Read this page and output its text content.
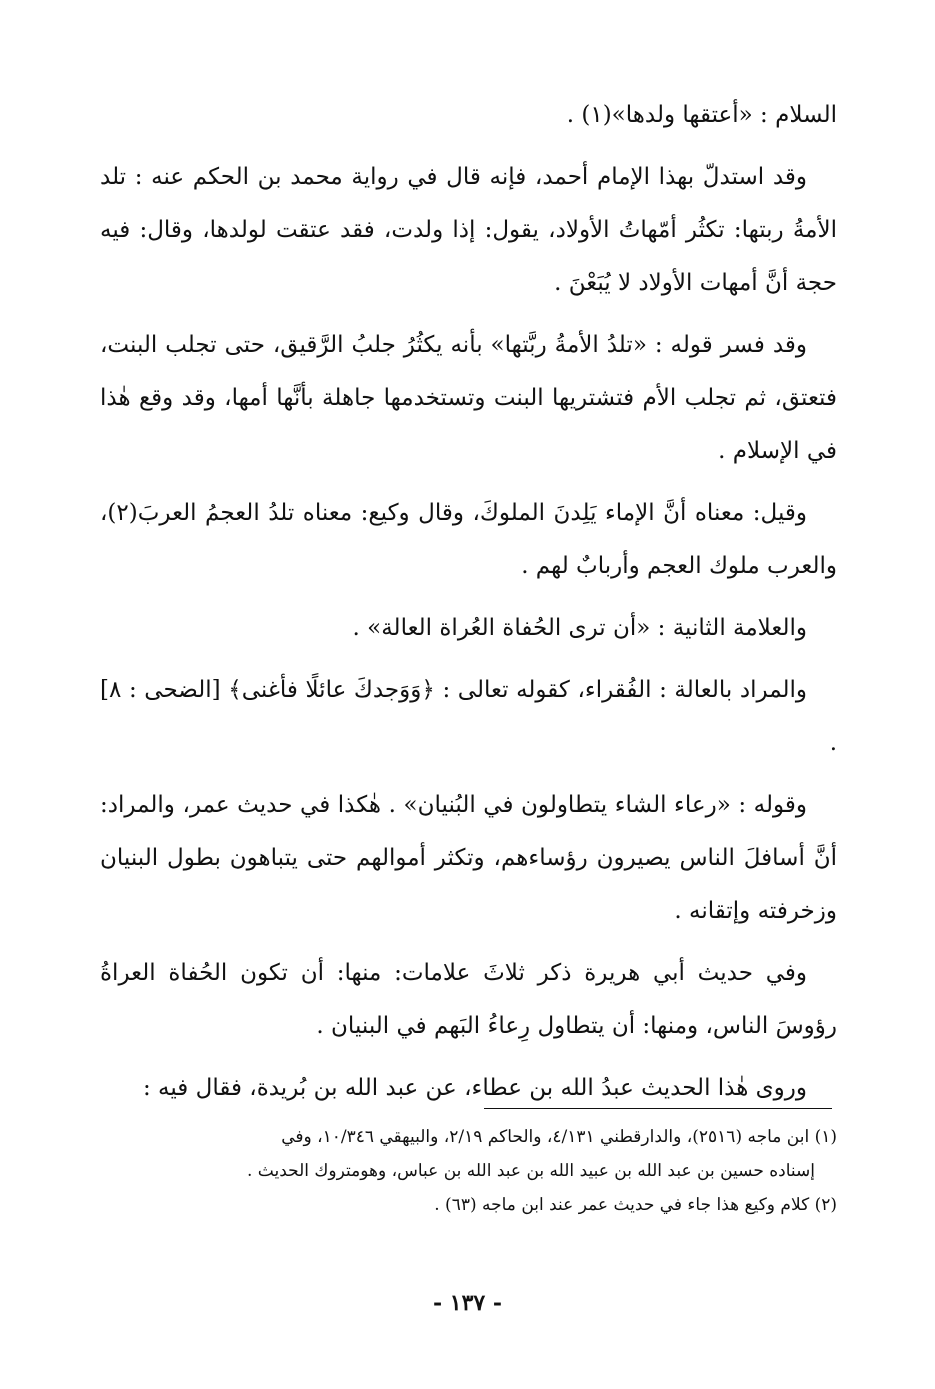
السلام : «أعتقها ولدها»(١) .

وقد استدلّ بهذا الإمام أحمد، فإنه قال في رواية محمد بن الحكم عنه : تلد الأمةُ ربتها: تكثُر أمّهاتُ الأولاد، يقول: إذا ولدت، فقد عتقت لولدها، وقال: فيه حجة أنَّ أمهات الأولاد لا يُبَعْنَ .

وقد فسر قوله : «تلدُ الأمةُ ربَّتها» بأنه يكثُرُ جلبُ الرَّقيق، حتى تجلب البنت، فتعتق، ثم تجلب الأم فتشتريها البنت وتستخدمها جاهلة بأنَّها أمها، وقد وقع هٰذا في الإسلام .

وقيل: معناه أنَّ الإماء يَلِدنَ الملوكَ، وقال وكيع: معناه تلدُ العجمُ العربَ(٢)، والعرب ملوك العجم وأربابٌ لهم .

والعلامة الثانية : «أن ترى الحُفاة العُراة العالة» .

والمراد بالعالة : الفُقراء، كقوله تعالى : ﴿وَوَجدكَ عائلًا فأغنى﴾ [الضحى : ٨] .

وقوله : «رعاء الشاء يتطاولون في البُنيان» . هٰكذا في حديث عمر، والمراد: أنَّ أسافلَ الناس يصيرون رؤساءهم، وتكثر أموالهم حتى يتباهون بطول البنيان وزخرفته وإتقانه .

وفي حديث أبي هريرة ذكر ثلاثَ علامات: منها: أن تكون الحُفاة العراةُ رؤوسَ الناس، ومنها: أن يتطاول رِعاءُ البَهم في البنيان .

وروى هٰذا الحديث عبدُ الله بن عطاء، عن عبد الله بن بُريدة، فقال فيه :

(١) ابن ماجه (٢٥١٦)، والدارقطني ٤/١٣١، والحاكم ٢/١٩، والبيهقي ١٠/٣٤٦، وفي

إسناده حسين بن عبد الله بن عبيد الله بن عبد الله بن عباس، وهومتروك الحديث .

(٢) كلام وكيع هذا جاء في حديث عمر عند ابن ماجه (٦٣) .

- ١٣٧ -
